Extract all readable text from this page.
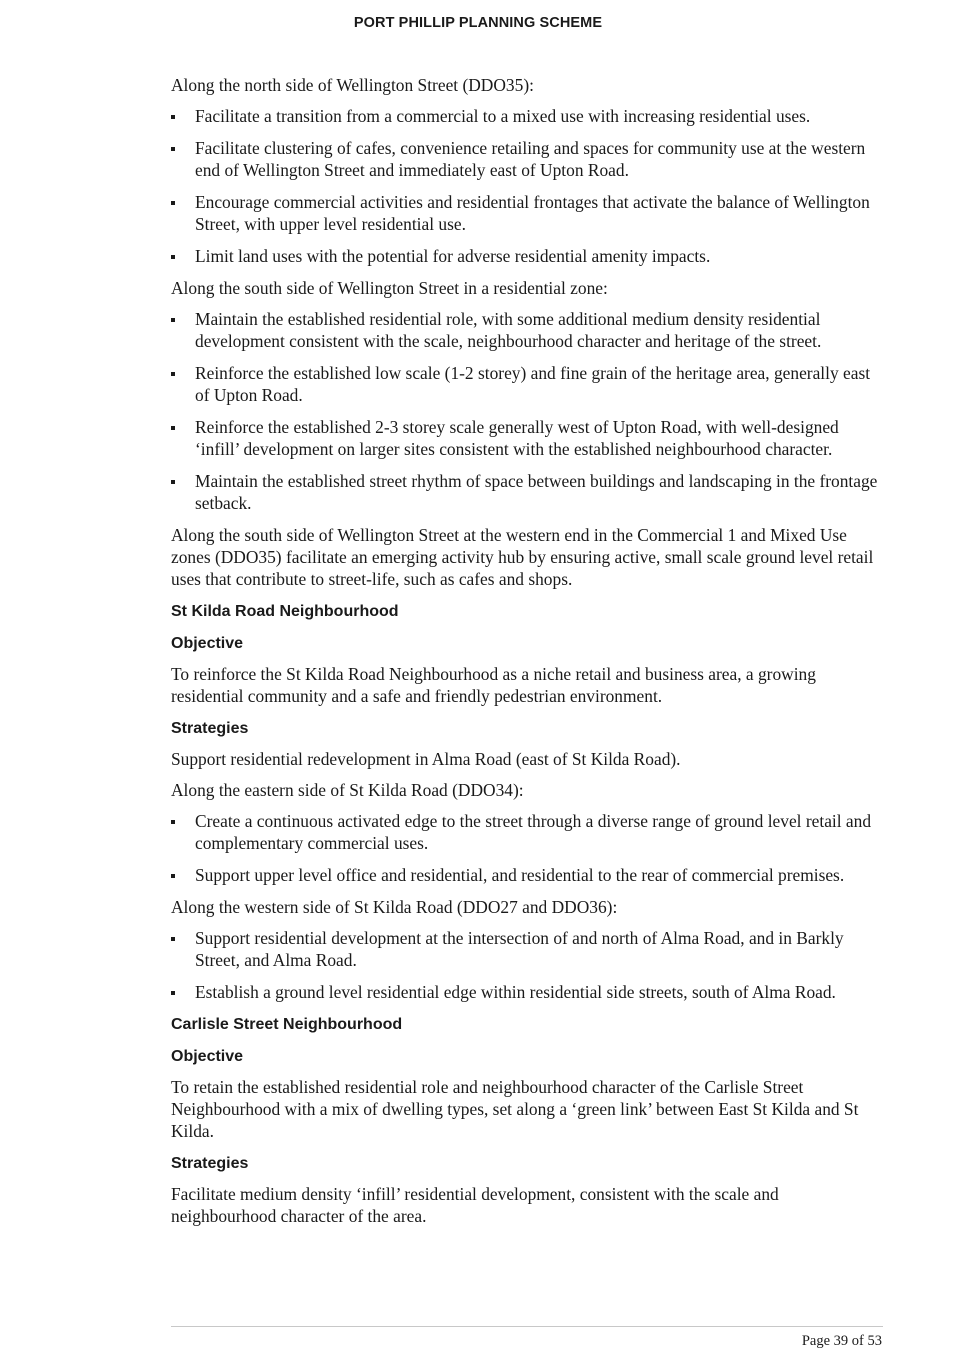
PORT PHILLIP PLANNING SCHEME

Along the north side of Wellington Street (DDO35):

Facilitate a transition from a commercial to a mixed use with increasing residential uses.
Facilitate clustering of cafes, convenience retailing and spaces for community use at the western end of Wellington Street and immediately east of Upton Road.
Encourage commercial activities and residential frontages that activate the balance of Wellington Street, with upper level residential use.
Limit land uses with the potential for adverse residential amenity impacts.

Along the south side of Wellington Street in a residential zone:

Maintain the established residential role, with some additional medium density residential development consistent with the scale, neighbourhood character and heritage of the street.
Reinforce the established low scale (1-2 storey) and fine grain of the heritage area, generally east of Upton Road.
Reinforce the established 2-3 storey scale generally west of Upton Road, with well-designed ‘infill’ development on larger sites consistent with the established neighbourhood character.
Maintain the established street rhythm of space between buildings and landscaping in the frontage setback.

Along the south side of Wellington Street at the western end in the Commercial 1 and Mixed Use zones (DDO35) facilitate an emerging activity hub by ensuring active, small scale ground level retail uses that contribute to street-life, such as cafes and shops.

St Kilda Road Neighbourhood
Objective

To reinforce the St Kilda Road Neighbourhood as a niche retail and business area, a growing residential community and a safe and friendly pedestrian environment.

Strategies

Support residential redevelopment in Alma Road (east of St Kilda Road).

Along the eastern side of St Kilda Road (DDO34):

Create a continuous activated edge to the street through a diverse range of ground level retail and complementary commercial uses.
Support upper level office and residential, and residential to the rear of commercial premises.

Along the western side of St Kilda Road (DDO27 and DDO36):

Support residential development at the intersection of and north of Alma Road, and in Barkly Street, and Alma Road.
Establish a ground level residential edge within residential side streets, south of Alma Road.
Carlisle Street Neighbourhood
Objective

To retain the established residential role and neighbourhood character of the Carlisle Street Neighbourhood with a mix of dwelling types, set along a ‘green link’ between East St Kilda and St Kilda.

Strategies

Facilitate medium density ‘infill’ residential development, consistent with the scale and neighbourhood character of the area.

Page 39 of 53
